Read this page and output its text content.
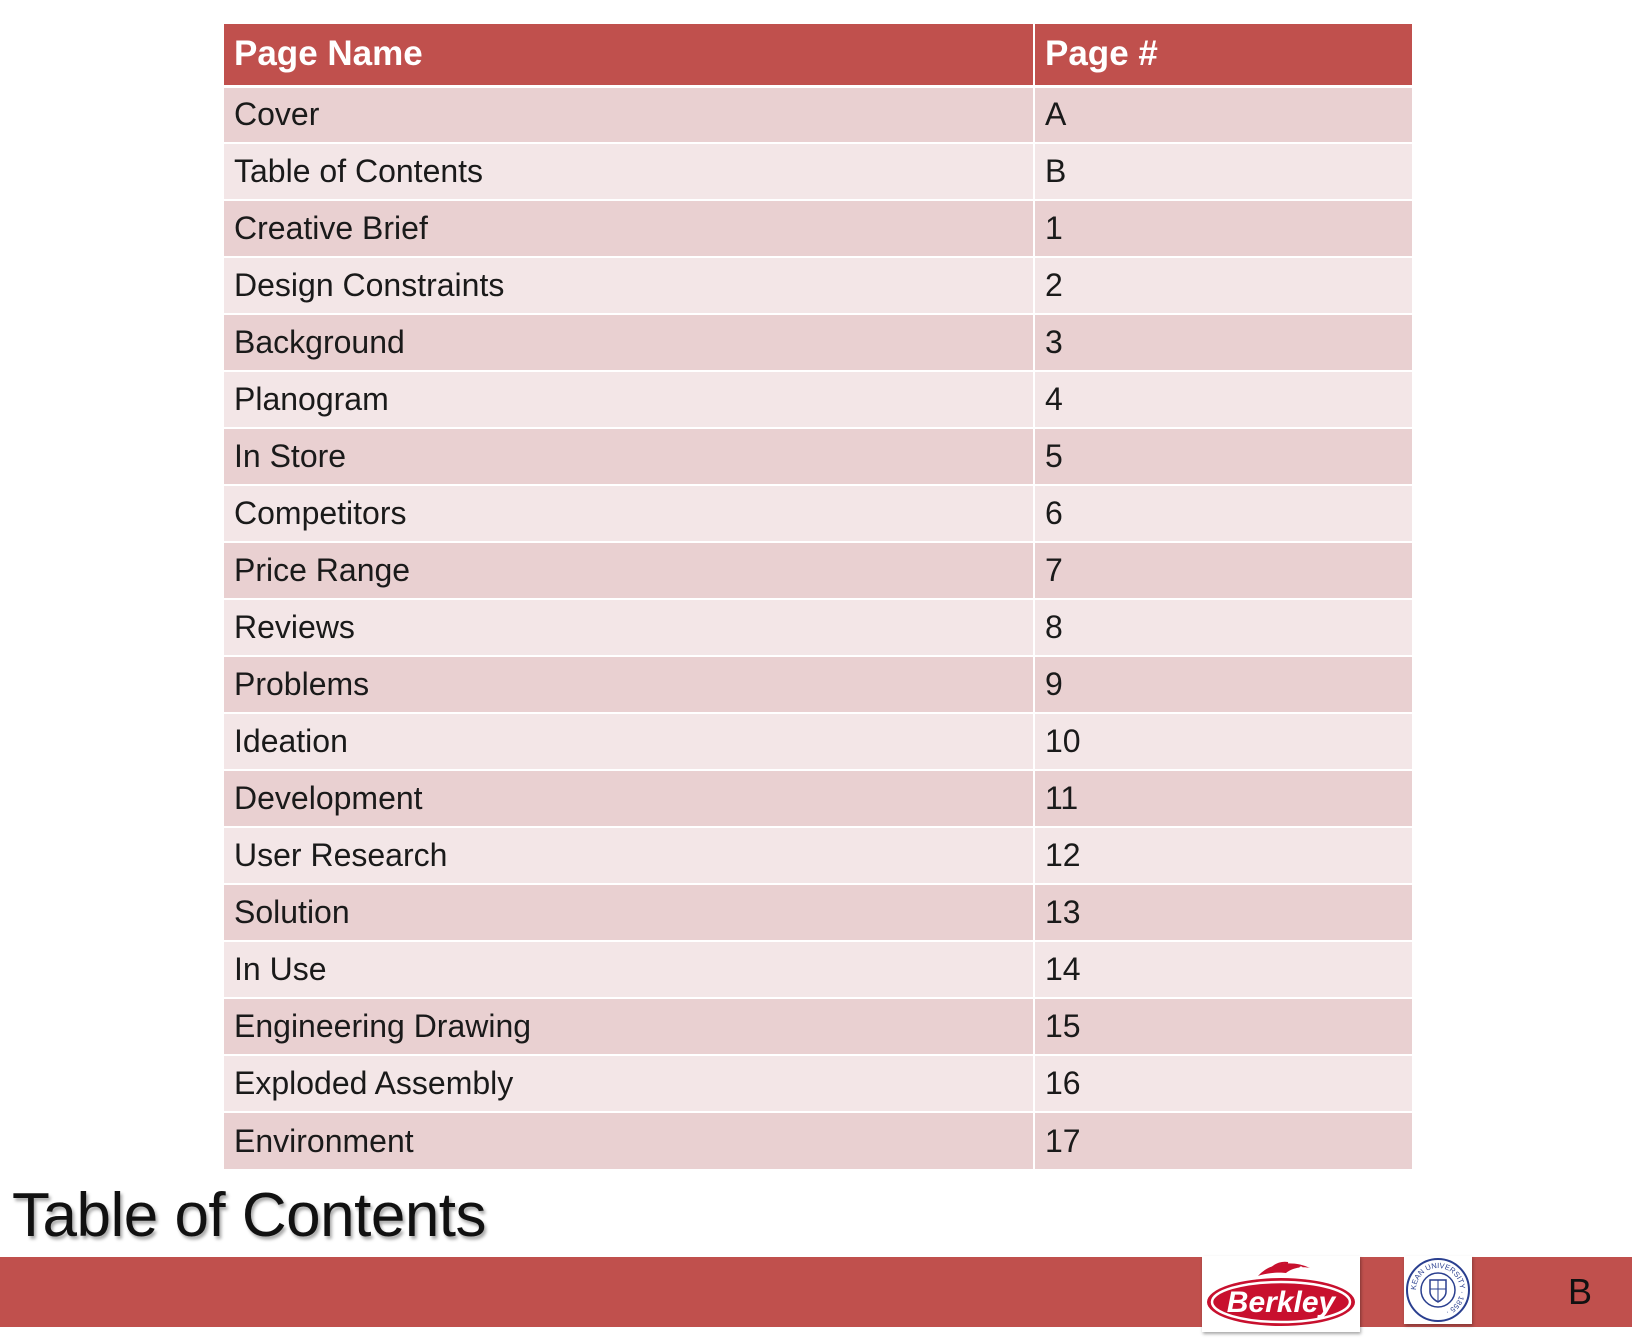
Page Name	Page #
Cover	A
Table of Contents	B
Creative Brief	1
Design Constraints	2
Background	3
Planogram	4
In Store	5
Competitors	6
Price Range	7
Reviews	8
Problems	9
Ideation	10
Development	11
User Research	12
Solution	13
In Use	14
Engineering Drawing	15
Exploded Assembly	16
Environment	17
Table of Contents
Berkley	KEAN UNIVERSITY · 1855 ·
B
